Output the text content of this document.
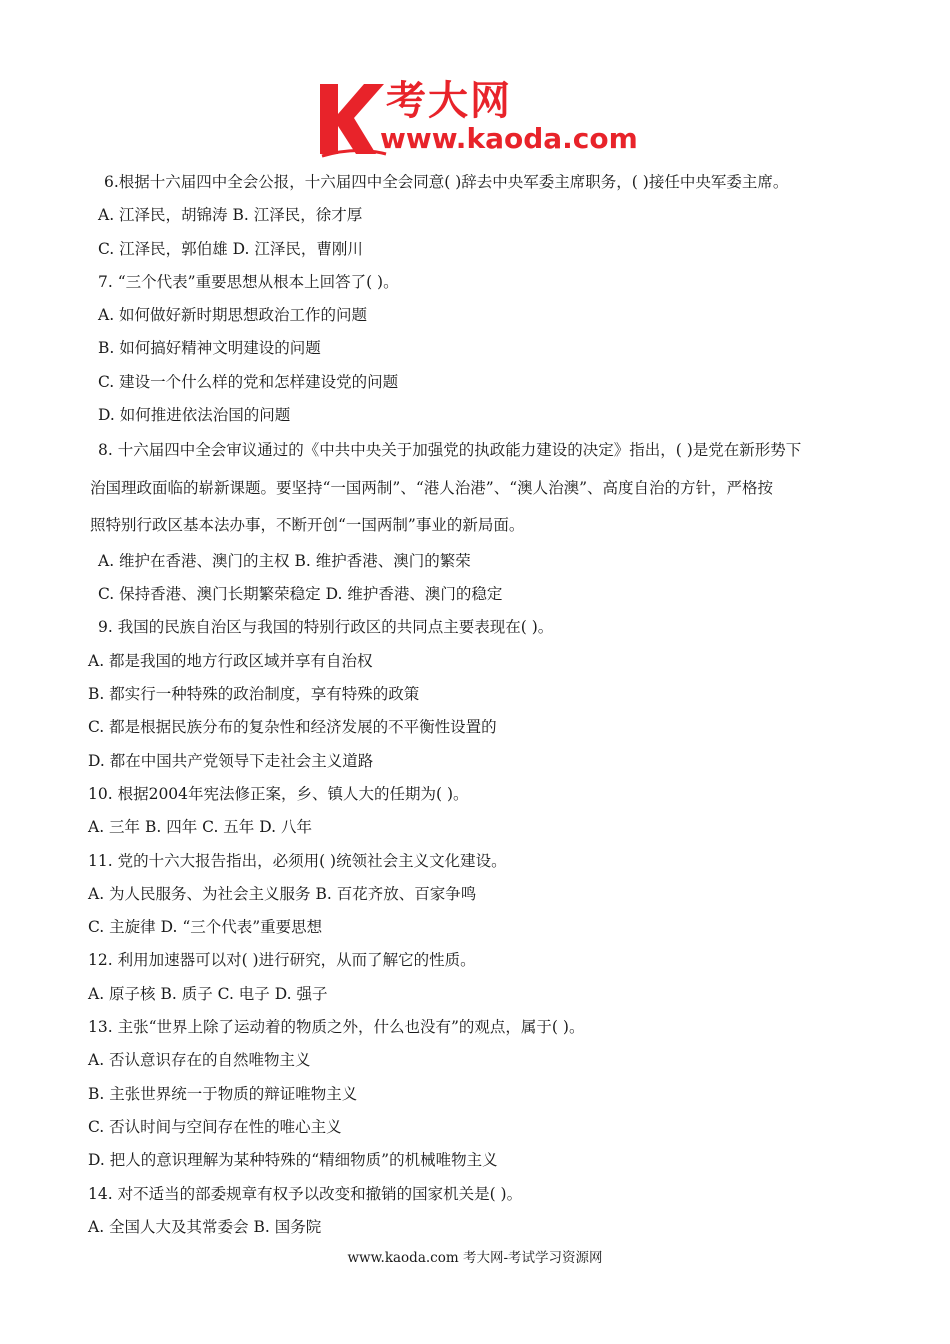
考大网
www.kaoda.com
6.根据十六届四中全会公报，十六届四中全会同意( )辞去中央军委主席职务，( )接任中央军委主席。
A. 江泽民，胡锦涛 B. 江泽民，徐才厚
C. 江泽民，郭伯雄 D. 江泽民，曹刚川
7. “三个代表”重要思想从根本上回答了( )。
A. 如何做好新时期思想政治工作的问题
B. 如何搞好精神文明建设的问题
C. 建设一个什么样的党和怎样建设党的问题
D. 如何推进依法治国的问题
8. 十六届四中全会审议通过的《中共中央关于加强党的执政能力建设的决定》指出，( )是党在新形势下
治国理政面临的崭新课题。要坚持“一国两制”、“港人治港”、“澳人治澳”、高度自治的方针，严格按
照特别行政区基本法办事，不断开创“一国两制”事业的新局面。
A. 维护在香港、澳门的主权 B. 维护香港、澳门的繁荣
C. 保持香港、澳门长期繁荣稳定 D. 维护香港、澳门的稳定
9. 我国的民族自治区与我国的特别行政区的共同点主要表现在( )。
A. 都是我国的地方行政区域并享有自治权
B. 都实行一种特殊的政治制度，享有特殊的政策
C. 都是根据民族分布的复杂性和经济发展的不平衡性设置的
D. 都在中国共产党领导下走社会主义道路
10. 根据2004年宪法修正案，乡、镇人大的任期为( )。
A. 三年 B. 四年 C. 五年 D. 八年
11. 党的十六大报告指出，必须用( )统领社会主义文化建设。
A. 为人民服务、为社会主义服务 B. 百花齐放、百家争鸣
C. 主旋律 D. “三个代表”重要思想
12. 利用加速器可以对( )进行研究，从而了解它的性质。
A. 原子核 B. 质子 C. 电子 D. 强子
13. 主张“世界上除了运动着的物质之外，什么也没有”的观点，属于( )。
A. 否认意识存在的自然唯物主义
B. 主张世界统一于物质的辩证唯物主义
C. 否认时间与空间存在性的唯心主义
D. 把人的意识理解为某种特殊的“精细物质”的机械唯物主义
14. 对不适当的部委规章有权予以改变和撤销的国家机关是( )。
A. 全国人大及其常委会 B. 国务院
www.kaoda.com 考大网-考试学习资源网
